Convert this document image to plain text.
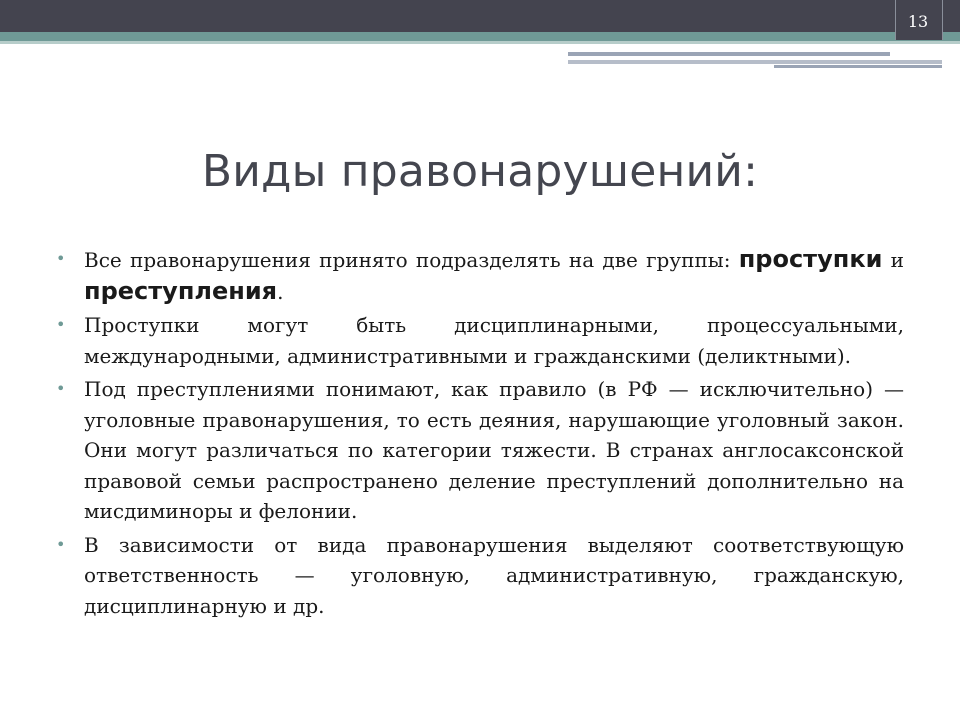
13
Виды правонарушений:

• Все правонарушения принято подразделять на две группы: проступки и преступления.

• Проступки могут быть дисциплинарными, процессуальными, международными, административными и гражданскими (деликтными).

• Под преступлениями понимают, как правило (в РФ — исключительно) — уголовные правонарушения, то есть деяния, нарушающие уголовный закон. Они могут различаться по категории тяжести. В странах англосаксонской правовой семьи распространено деление преступлений дополнительно на мисдиминоры и фелонии.

• В зависимости от вида правонарушения выделяют соответствующую ответственность — уголовную, административную, гражданскую, дисциплинарную и др.
